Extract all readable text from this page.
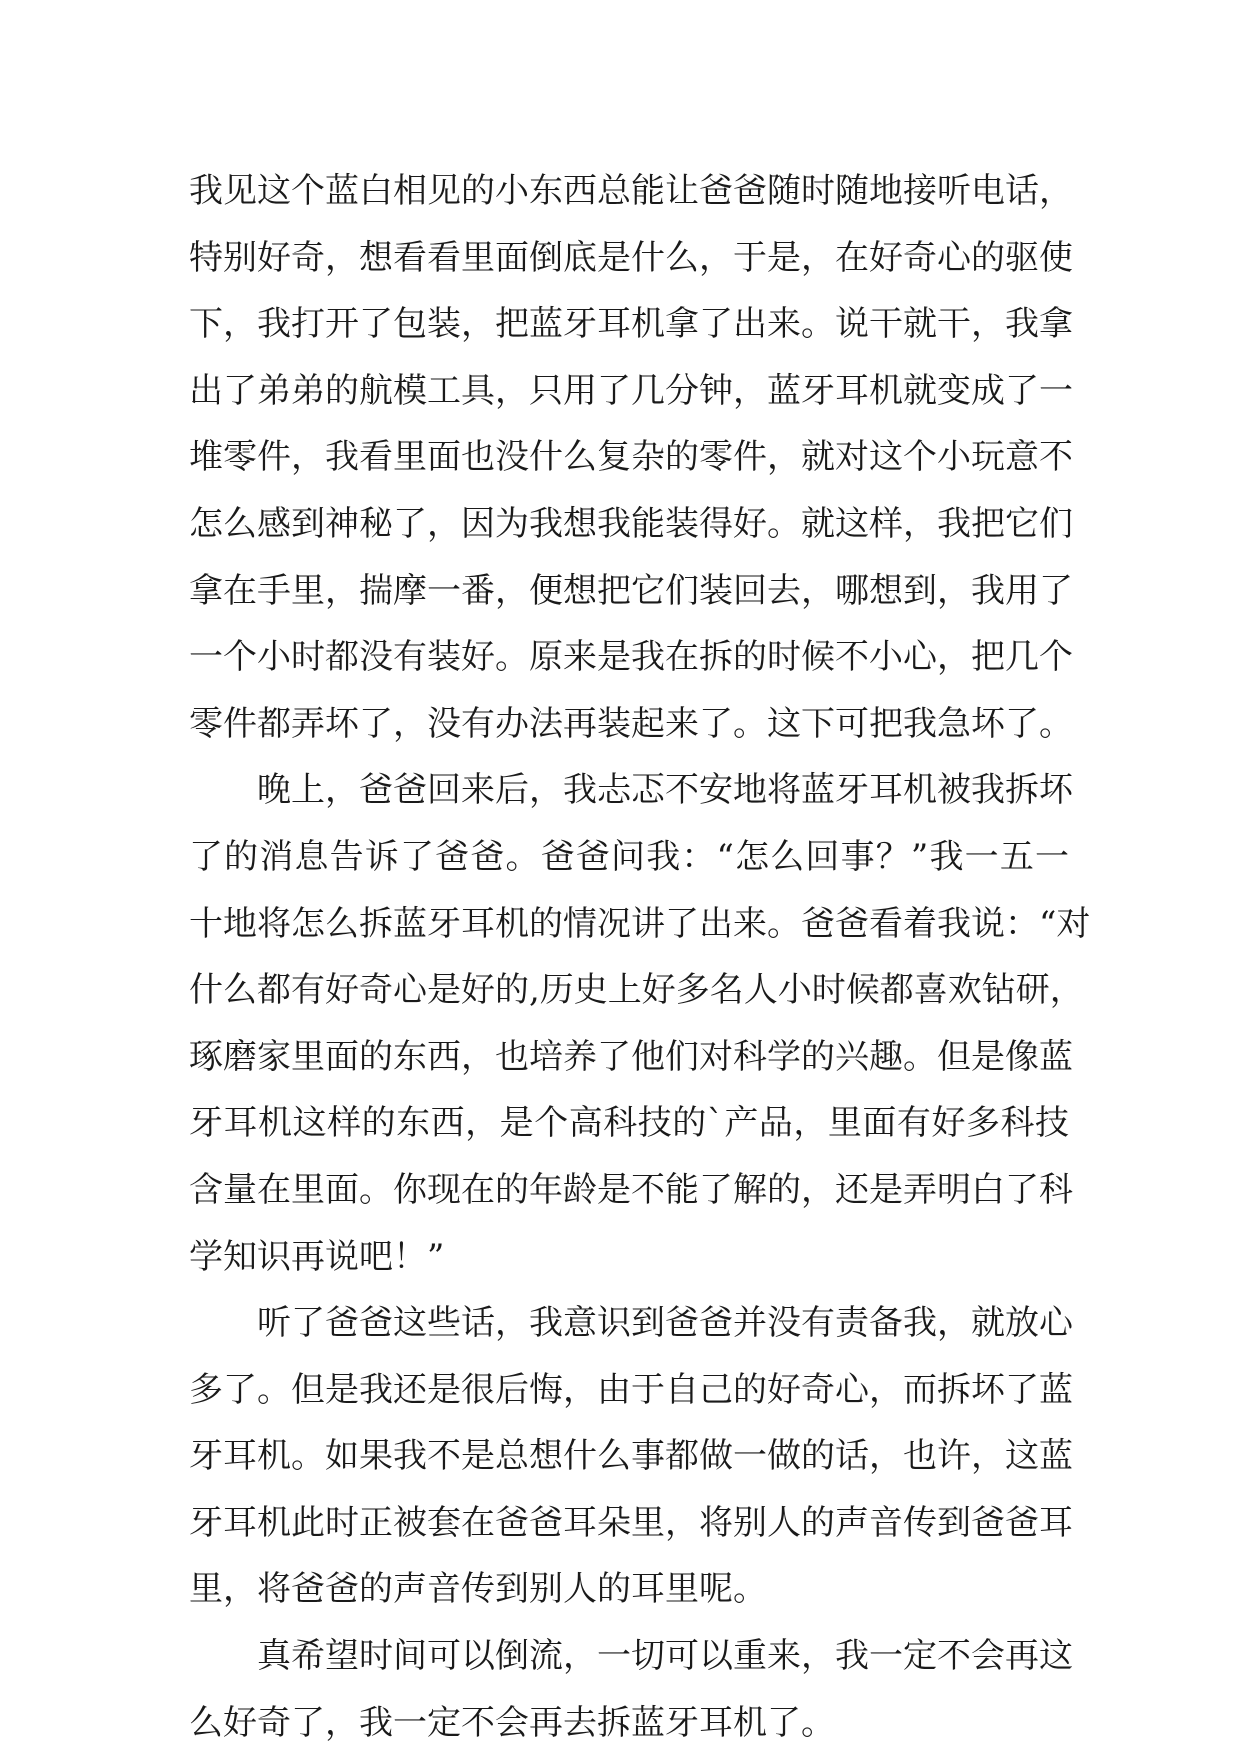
我见这个蓝白相见的小东西总能让爸爸随时随地接听电话，
特别好奇，想看看里面倒底是什么，于是，在好奇心的驱使
下，我打开了包装，把蓝牙耳机拿了出来。说干就干，我拿
出了弟弟的航模工具，只用了几分钟，蓝牙耳机就变成了一
堆零件，我看里面也没什么复杂的零件，就对这个小玩意不
怎么感到神秘了，因为我想我能装得好。就这样，我把它们
拿在手里，揣摩一番，便想把它们装回去，哪想到，我用了
一个小时都没有装好。原来是我在拆的时候不小心，把几个
零件都弄坏了，没有办法再装起来了。这下可把我急坏了。
晚上，爸爸回来后，我忐忑不安地将蓝牙耳机被我拆坏
了的消息告诉了爸爸。爸爸问我：“怎么回事？”我一五一
十地将怎么拆蓝牙耳机的情况讲了出来。爸爸看着我说：“对
什么都有好奇心是好的,历史上好多名人小时候都喜欢钻研，
琢磨家里面的东西，也培养了他们对科学的兴趣。但是像蓝
牙耳机这样的东西，是个高科技的`产品，里面有好多科技
含量在里面。你现在的年龄是不能了解的，还是弄明白了科
学知识再说吧！”
听了爸爸这些话，我意识到爸爸并没有责备我，就放心
多了。但是我还是很后悔，由于自己的好奇心，而拆坏了蓝
牙耳机。如果我不是总想什么事都做一做的话，也许，这蓝
牙耳机此时正被套在爸爸耳朵里，将别人的声音传到爸爸耳
里，将爸爸的声音传到别人的耳里呢。
真希望时间可以倒流，一切可以重来，我一定不会再这
么好奇了，我一定不会再去拆蓝牙耳机了。
